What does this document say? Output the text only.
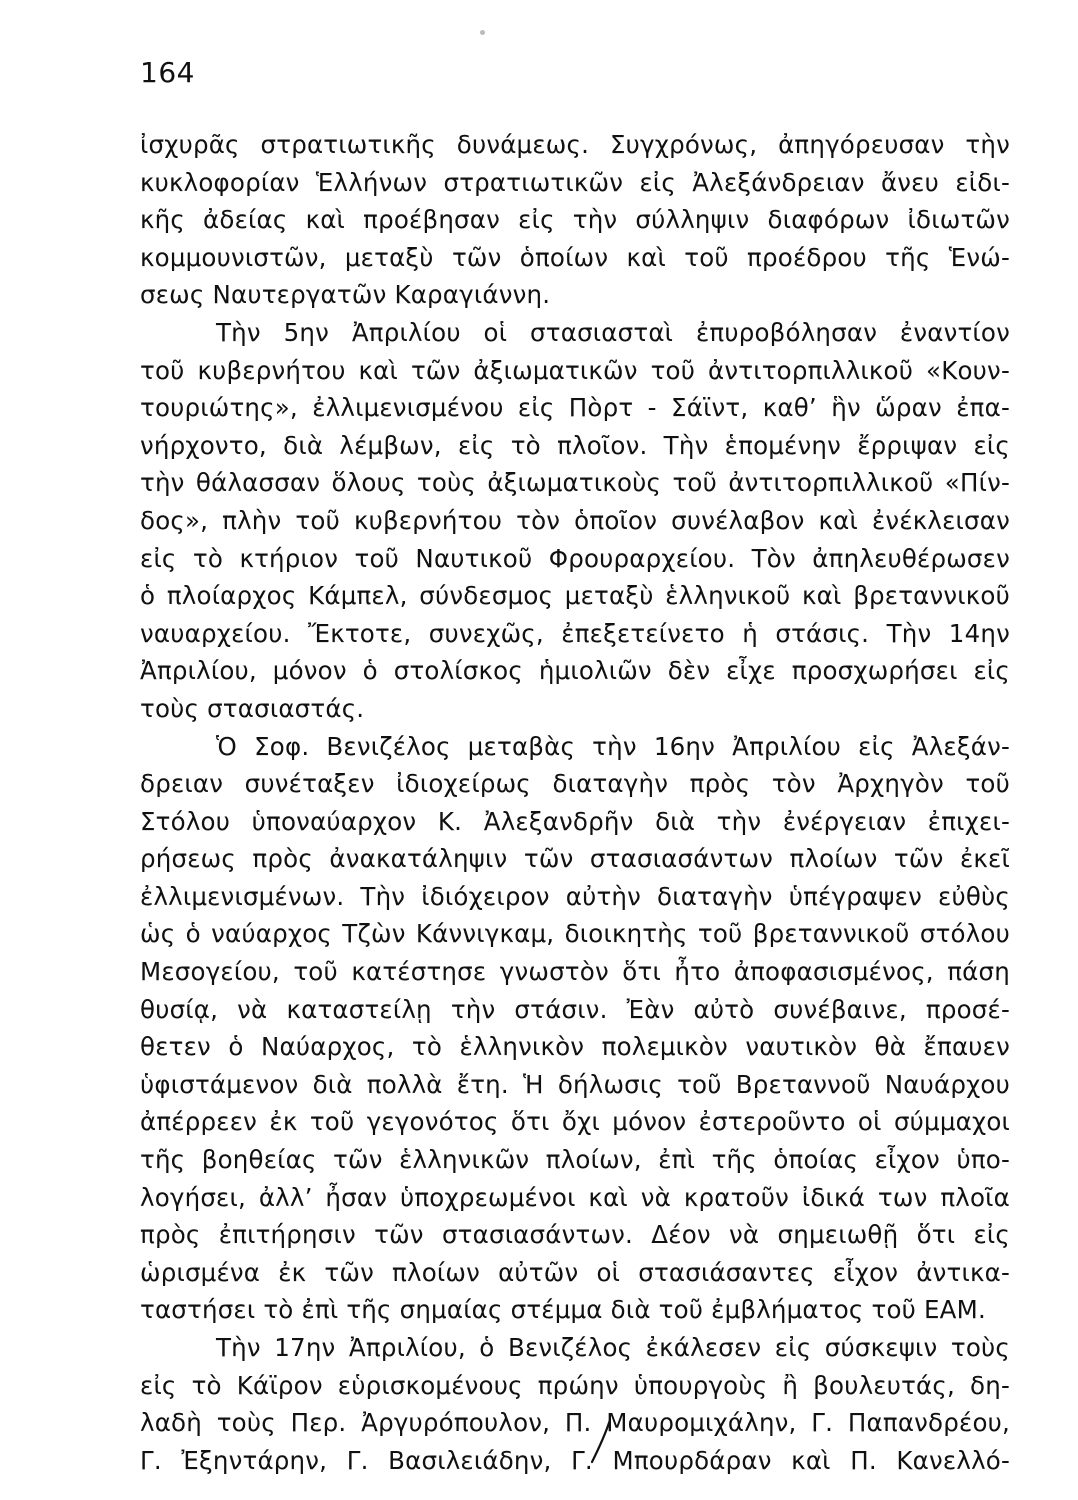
164
ἰσχυρᾶς στρατιωτικῆς δυνάμεως. Συγχρόνως, ἀπηγόρευσαν τὴν
κυκλοφορίαν Ἑλλήνων στρατιωτικῶν εἰς Ἀλεξάνδρειαν ἄνευ εἰδι-
κῆς ἀδείας καὶ προέβησαν εἰς τὴν σύλληψιν διαφόρων ἰδιωτῶν
κομμουνιστῶν, μεταξὺ τῶν ὁποίων καὶ τοῦ προέδρου τῆς Ἑνώ-
σεως Ναυτεργατῶν Καραγιάννη.
Τὴν 5ην Ἀπριλίου οἱ στασιασταὶ ἐπυροβόλησαν ἐναντίον
τοῦ κυβερνήτου καὶ τῶν ἀξιωματικῶν τοῦ ἀντιτορπιλλικοῦ «Κουν-
τουριώτης», ἐλλιμενισμένου εἰς Πὸρτ - Σάϊντ, καθ’ ἣν ὥραν ἐπα-
νήρχοντο, διὰ λέμβων, εἰς τὸ πλοῖον. Τὴν ἑπομένην ἔρριψαν εἰς
τὴν θάλασσαν ὅλους τοὺς ἀξιωματικοὺς τοῦ ἀντιτορπιλλικοῦ «Πίν-
δος», πλὴν τοῦ κυβερνήτου τὸν ὁποῖον συνέλαβον καὶ ἐνέκλεισαν
εἰς τὸ κτήριον τοῦ Ναυτικοῦ Φρουραρχείου. Τὸν ἀπηλευθέρωσεν
ὁ πλοίαρχος Κάμπελ, σύνδεσμος μεταξὺ ἑλληνικοῦ καὶ βρεταννικοῦ
ναυαρχείου. Ἔκτοτε, συνεχῶς, ἐπεξετείνετο ἡ στάσις. Τὴν 14ην
Ἀπριλίου, μόνον ὁ στολίσκος ἡμιολιῶν δὲν εἶχε προσχωρήσει εἰς
τοὺς στασιαστάς.
Ὁ Σοφ. Βενιζέλος μεταβὰς τὴν 16ην Ἀπριλίου εἰς Ἀλεξάν-
δρειαν συνέταξεν ἰδιοχείρως διαταγὴν πρὸς τὸν Ἀρχηγὸν τοῦ
Στόλου ὑποναύαρχον Κ. Ἀλεξανδρῆν διὰ τὴν ἐνέργειαν ἐπιχει-
ρήσεως πρὸς ἀνακατάληψιν τῶν στασιασάντων πλοίων τῶν ἐκεῖ
ἐλλιμενισμένων. Τὴν ἰδιόχειρον αὐτὴν διαταγὴν ὑπέγραψεν εὐθὺς
ὡς ὁ ναύαρχος Τζὼν Κάννιγκαμ, διοικητὴς τοῦ βρεταννικοῦ στόλου
Μεσογείου, τοῦ κατέστησε γνωστὸν ὅτι ἦτο ἀποφασισμένος, πάση
θυσίᾳ, νὰ καταστείλῃ τὴν στάσιν. Ἐὰν αὐτὸ συνέβαινε, προσέ-
θετεν ὁ Ναύαρχος, τὸ ἑλληνικὸν πολεμικὸν ναυτικὸν θὰ ἔπαυεν
ὑφιστάμενον διὰ πολλὰ ἔτη. Ἡ δήλωσις τοῦ Βρεταννοῦ Ναυάρχου
ἀπέρρεεν ἐκ τοῦ γεγονότος ὅτι ὄχι μόνον ἐστεροῦντο οἱ σύμμαχοι
τῆς βοηθείας τῶν ἑλληνικῶν πλοίων, ἐπὶ τῆς ὁποίας εἶχον ὑπο-
λογήσει, ἀλλ’ ἦσαν ὑποχρεωμένοι καὶ νὰ κρατοῦν ἰδικά των πλοῖα
πρὸς ἐπιτήρησιν τῶν στασιασάντων. Δέον νὰ σημειωθῇ ὅτι εἰς
ὡρισμένα ἐκ τῶν πλοίων αὐτῶν οἱ στασιάσαντες εἶχον ἀντικα-
ταστήσει τὸ ἐπὶ τῆς σημαίας στέμμα διὰ τοῦ ἐμβλήματος τοῦ ΕΑΜ.
Τὴν 17ην Ἀπριλίου, ὁ Βενιζέλος ἐκάλεσεν εἰς σύσκεψιν τοὺς
εἰς τὸ Κάϊρον εὑρισκομένους πρώην ὑπουργοὺς ἢ βουλευτάς, δη-
λαδὴ τοὺς Περ. Ἀργυρόπουλον, Π. Μαυρομιχάλην, Γ. Παπανδρέου,
Γ. Ἐξηντάρην, Γ. Βασιλειάδην, Γ. Μπουρδάραν καὶ Π. Κανελλό-
